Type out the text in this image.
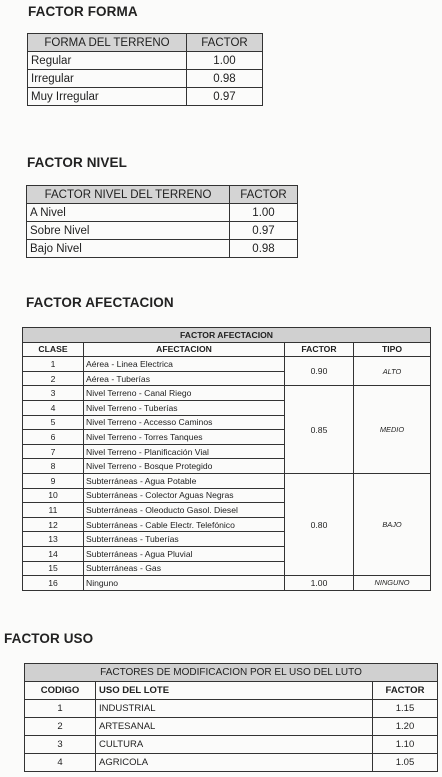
FACTOR FORMA
FORMA DEL TERRENO	FACTOR
Regular	1.00
Irregular	0.98
Muy Irregular	0.97
FACTOR NIVEL
FACTOR NIVEL DEL TERRENO	FACTOR
A Nivel	1.00
Sobre Nivel	0.97
Bajo Nivel	0.98
FACTOR AFECTACION
FACTOR AFECTACION			
CLASE	AFECTACION	FACTOR	TIPO
1	Aérea - Linea Electrica	0.90	ALTO
2	Aérea - Tuberías		
3	Nivel Terreno - Canal Riego	0.85	MEDIO
4	Nivel Terreno - Tuberías		
5	Nivel Terreno - Accesso Caminos		
6	Nivel Terreno - Torres Tanques		
7	Nivel Terreno - Planificación Vial		
8	Nivel Terreno - Bosque Protegido		
9	Subterráneas - Agua Potable	0.80	BAJO
10	Subterráneas - Colector Aguas Negras		
11	Subterráneas - Oleoducto Gasol. Diesel		
12	Subterráneas - Cable Electr. Telefónico		
13	Subterráneas - Tuberías		
14	Subterráneas - Agua Pluvial		
15	Subterráneas - Gas		
16	Ninguno	1.00	NINGUNO
FACTOR USO
FACTORES DE MODIFICACION POR EL USO DEL LUTO		
CODIGO	USO DEL LOTE	FACTOR
1	INDUSTRIAL	1.15
2	ARTESANAL	1.20
3	CULTURA	1.10
4	AGRICOLA	1.05
